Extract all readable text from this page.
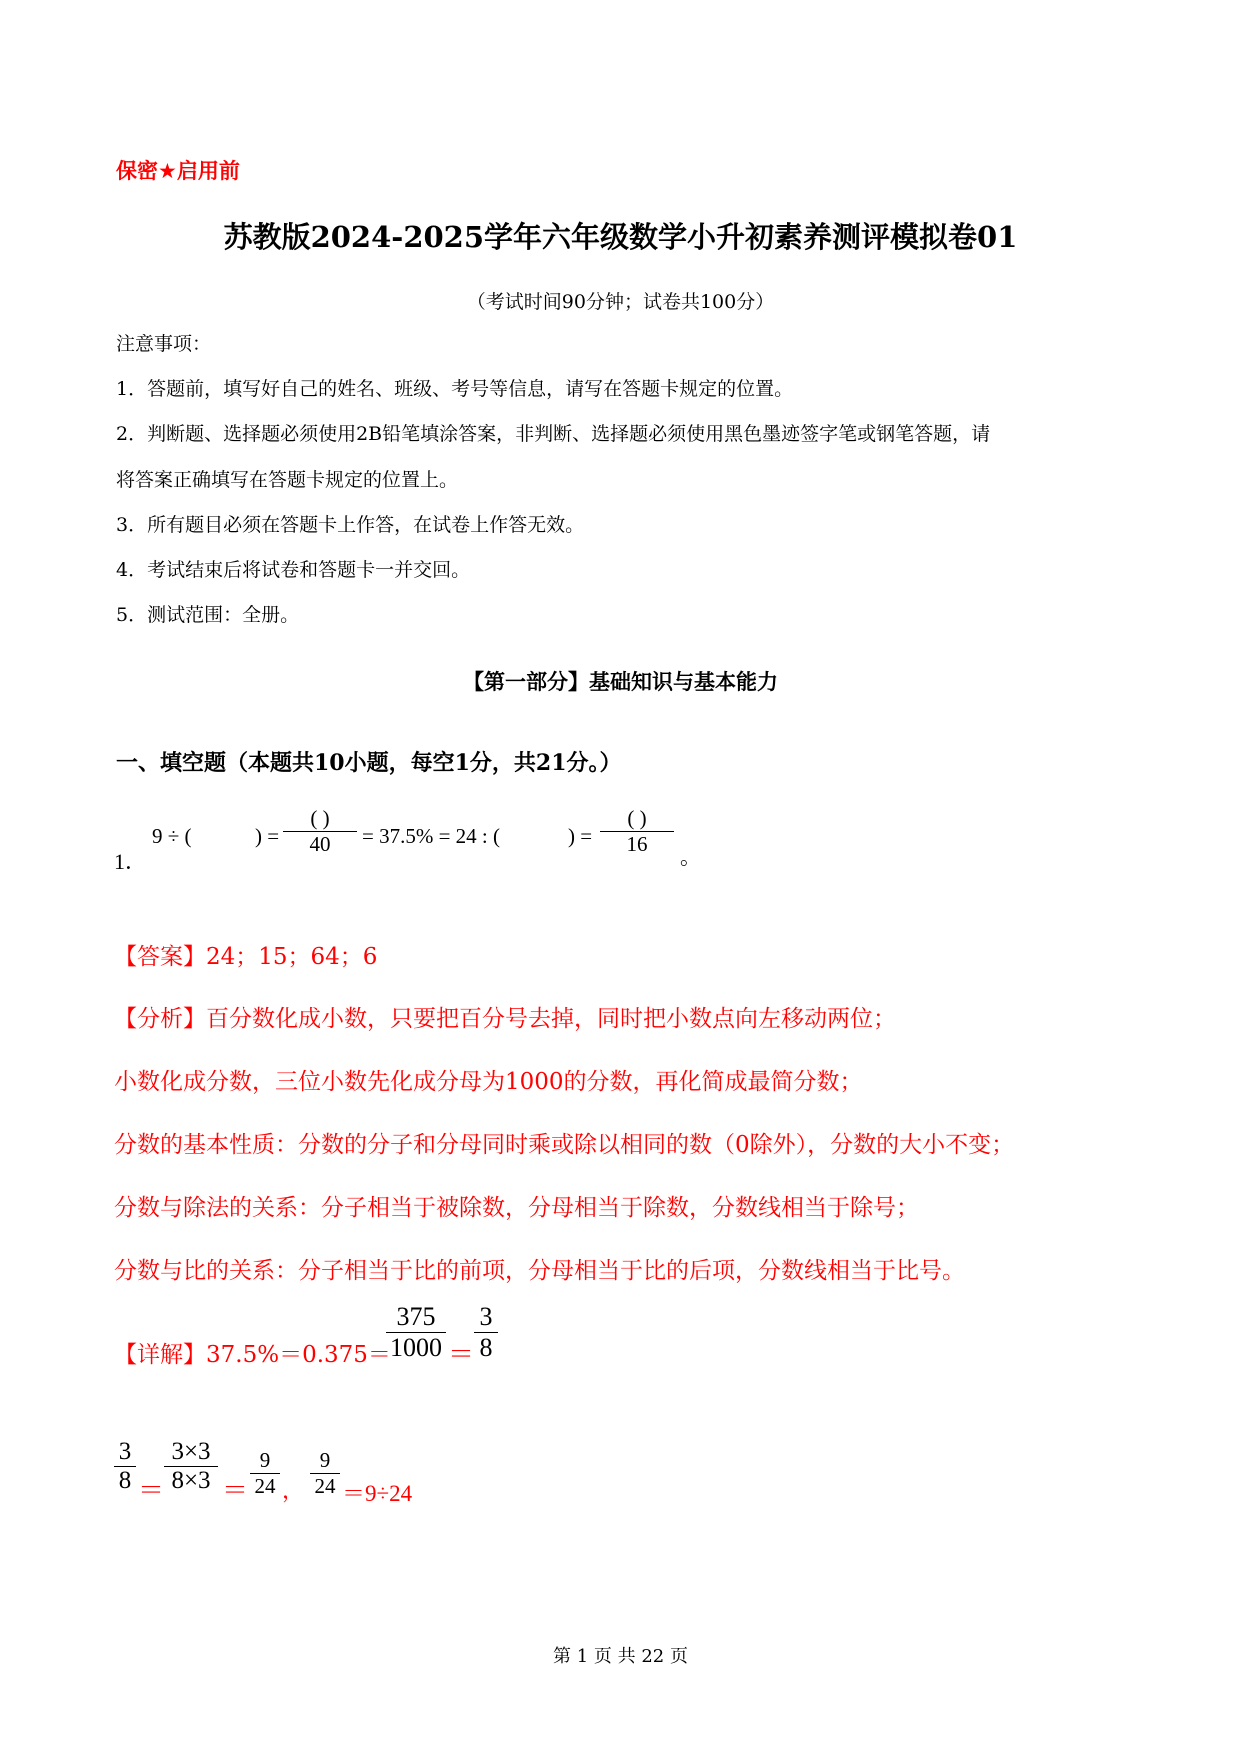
保密★启用前
苏教版2024-2025学年六年级数学小升初素养测评模拟卷01
（考试时间90分钟；试卷共100分）
注意事项：
1．答题前，填写好自己的姓名、班级、考号等信息，请写在答题卡规定的位置。
2．判断题、选择题必须使用2B铅笔填涂答案，非判断、选择题必须使用黑色墨迹签字笔或钢笔答题，请
将答案正确填写在答题卡规定的位置上。
3．所有题目必须在答题卡上作答，在试卷上作答无效。
4．考试结束后将试卷和答题卡一并交回。
5．测试范围：全册。
【第一部分】基础知识与基本能力
一、填空题（本题共10小题，每空1分，共21分。）
1．
9 ÷ (	) =
( )
40	= 37.5% = 24 : (	) =
( )
16
。
【答案】24；15；64；6
【分析】百分数化成小数，只要把百分号去掉，同时把小数点向左移动两位；
小数化成分数，三位小数先化成分母为1000的分数，再化简成最简分数；
分数的基本性质：分数的分子和分母同时乘或除以相同的数（0除外），分数的大小不变；
分数与除法的关系：分子相当于被除数，分母相当于除数，分数线相当于除号；
分数与比的关系：分子相当于比的前项，分母相当于比的后项，分数线相当于比号。
【详解】37.5%＝0.375＝
375
1000 ＝
3
8
3
8 ＝
3×3
8×3 ＝
9
24 ，
9
24 ＝9÷24
第 1 页 共 22 页
